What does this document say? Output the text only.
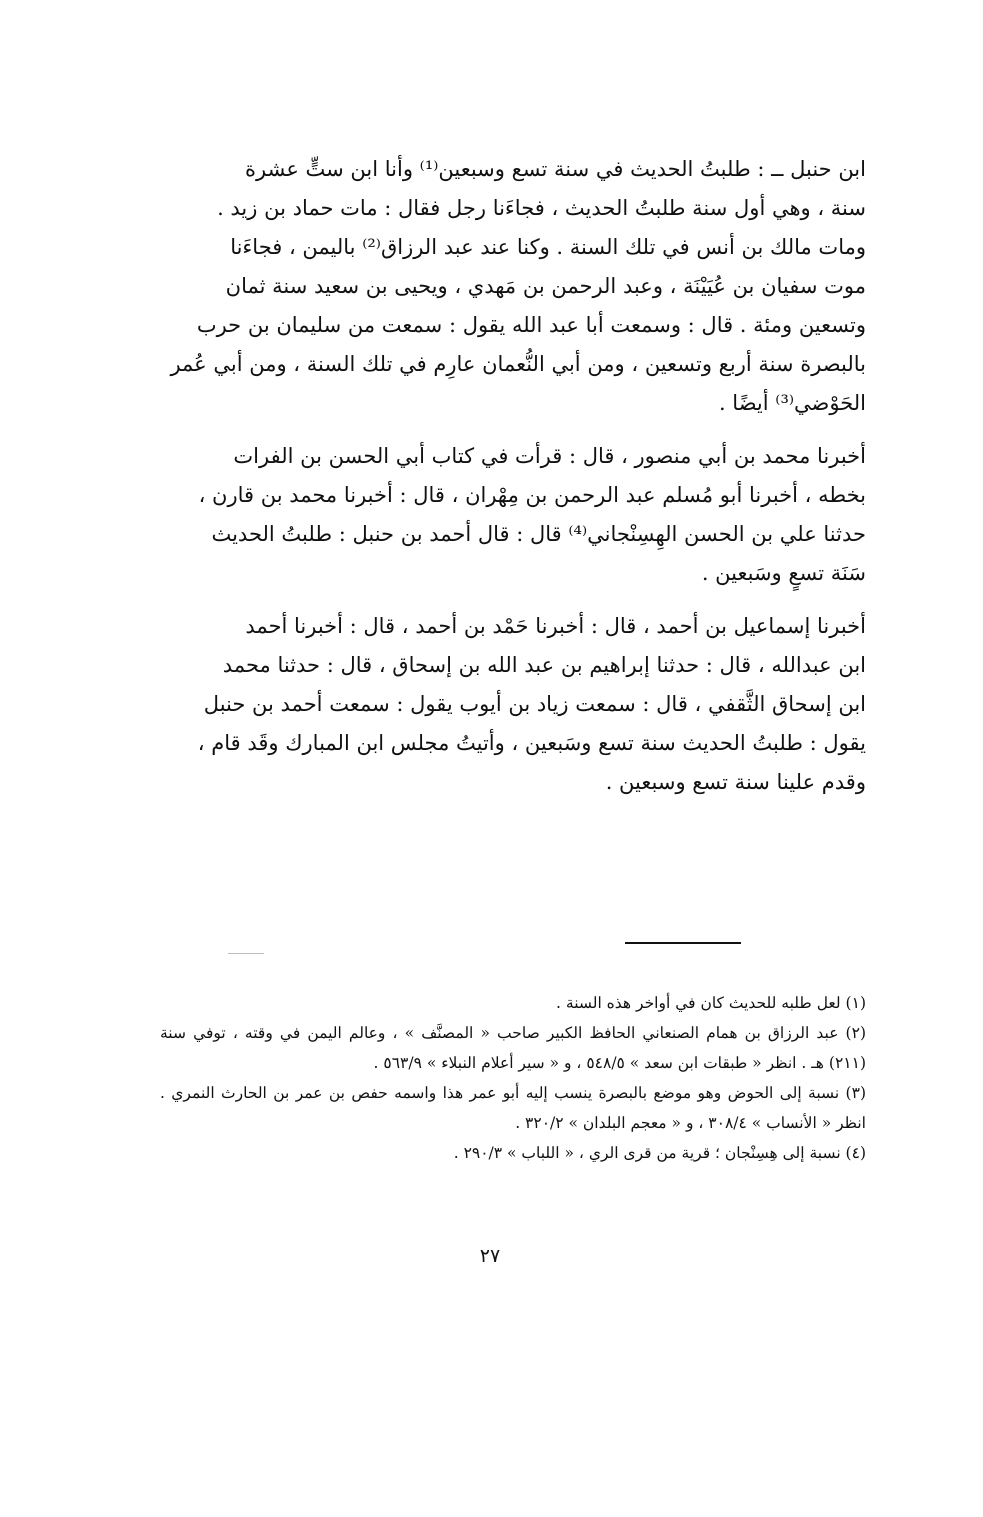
ابن حنبل ــ : طلبتُ الحديث في سنة تسع وسبعين⁽¹⁾ وأنا ابن ستٍّ عشرة
سنة ، وهي أول سنة طلبتُ الحديث ، فجاءَنا رجل فقال : مات حماد بن زيد .
ومات مالك بن أنس في تلك السنة . وكنا عند عبد الرزاق⁽²⁾ باليمن ، فجاءَنا
موت سفيان بن عُيَيْنَة ، وعبد الرحمن بن مَهدي ، ويحيى بن سعيد سنة ثمان
وتسعين ومئة . قال : وسمعت أبا عبد الله يقول : سمعت من سليمان بن حرب
بالبصرة سنة أربع وتسعين ، ومن أبي النُّعمان عارِم في تلك السنة ، ومن أبي عُمر
الحَوْضي⁽³⁾ أيضًا .
أخبرنا محمد بن أبي منصور ، قال : قرأت في كتاب أبي الحسن بن الفرات
بخطه ، أخبرنا أبو مُسلم عبد الرحمن بن مِهْران ، قال : أخبرنا محمد بن قارن ،
حدثنا علي بن الحسن الهِسِنْجاني⁽⁴⁾ قال : قال أحمد بن حنبل : طلبتُ الحديث
سَنَة تسعٍ وسَبعين .
أخبرنا إسماعيل بن أحمد ، قال : أخبرنا حَمْد بن أحمد ، قال : أخبرنا أحمد
ابن عبدالله ، قال : حدثنا إبراهيم بن عبد الله بن إسحاق ، قال : حدثنا محمد
ابن إسحاق الثَّقفي ، قال : سمعت زياد بن أيوب يقول : سمعت أحمد بن حنبل
يقول : طلبتُ الحديث سنة تسع وسَبعين ، وأتيتُ مجلس ابن المبارك وقَد قام ،
وقدم علينا سنة تسع وسبعين .

(١) لعل طلبه للحديث كان في أواخر هذه السنة .

(٢) عبد الرزاق بن همام الصنعاني الحافظ الكبير صاحب « المصنَّف » ، وعالم اليمن في وقته ، توفي سنة (٢١١) هـ . انظر « طبقات ابن سعد » ٥٤٨/٥ ، و « سير أعلام النبلاء » ٥٦٣/٩ .

(٣) نسبة إلى الحوض وهو موضع بالبصرة ينسب إليه أبو عمر هذا واسمه حفص بن عمر بن الحارث النمري . انظر « الأنساب » ٣٠٨/٤ ، و « معجم البلدان » ٣٢٠/٢ .

(٤) نسبة إلى هِسِنْجان ؛ قرية من قرى الري ، « اللباب » ٢٩٠/٣ .

٢٧
